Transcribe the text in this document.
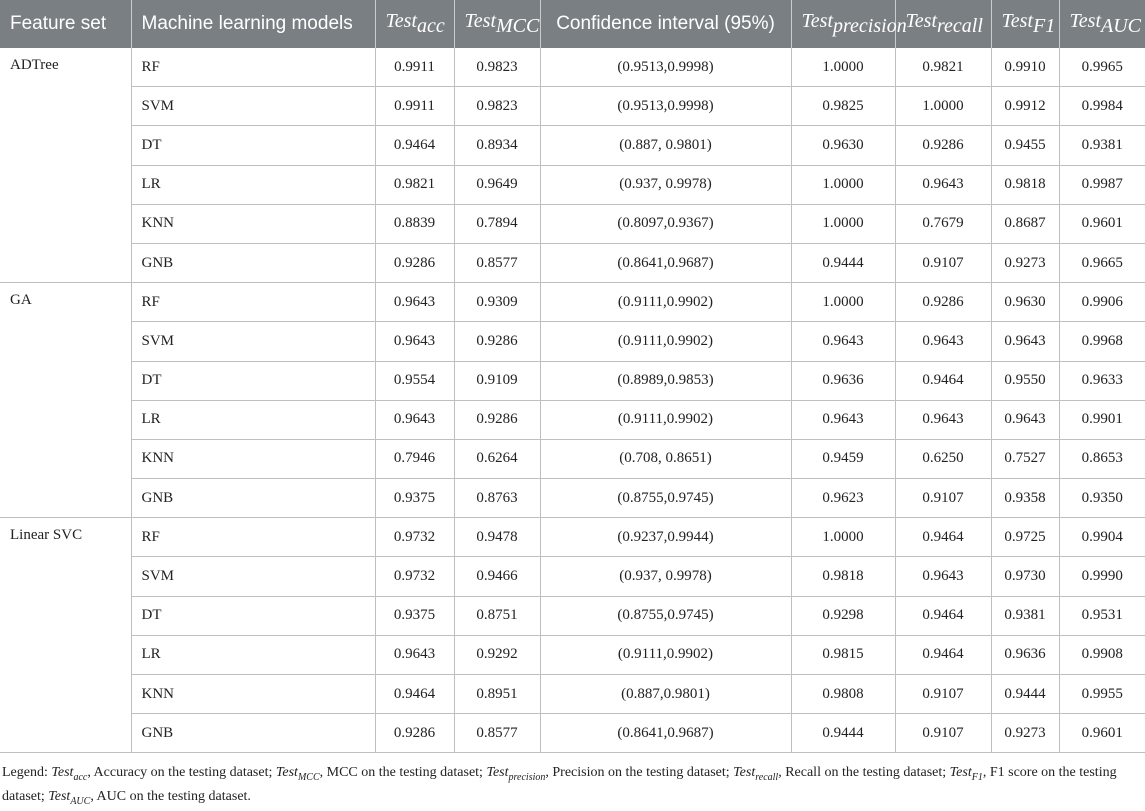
Feature set	Machine learning models	Test$_{acc}$	Test$_{MCC}$	Confidence interval (95%)	Test$_{precision}$	Test$_{recall}$	Test$_{F1}$	Test$_{AUC}$
ADTree	RF	0.9911	0.9823	(0.9513,0.9998)	1.0000	0.9821	0.9910	0.9965
	SVM	0.9911	0.9823	(0.9513,0.9998)	0.9825	1.0000	0.9912	0.9984
	DT	0.9464	0.8934	(0.887, 0.9801)	0.9630	0.9286	0.9455	0.9381
	LR	0.9821	0.9649	(0.937, 0.9978)	1.0000	0.9643	0.9818	0.9987
	KNN	0.8839	0.7894	(0.8097,0.9367)	1.0000	0.7679	0.8687	0.9601
	GNB	0.9286	0.8577	(0.8641,0.9687)	0.9444	0.9107	0.9273	0.9665
GA	RF	0.9643	0.9309	(0.9111,0.9902)	1.0000	0.9286	0.9630	0.9906
	SVM	0.9643	0.9286	(0.9111,0.9902)	0.9643	0.9643	0.9643	0.9968
	DT	0.9554	0.9109	(0.8989,0.9853)	0.9636	0.9464	0.9550	0.9633
	LR	0.9643	0.9286	(0.9111,0.9902)	0.9643	0.9643	0.9643	0.9901
	KNN	0.7946	0.6264	(0.708, 0.8651)	0.9459	0.6250	0.7527	0.8653
	GNB	0.9375	0.8763	(0.8755,0.9745)	0.9623	0.9107	0.9358	0.9350
Linear SVC	RF	0.9732	0.9478	(0.9237,0.9944)	1.0000	0.9464	0.9725	0.9904
	SVM	0.9732	0.9466	(0.937, 0.9978)	0.9818	0.9643	0.9730	0.9990
	DT	0.9375	0.8751	(0.8755,0.9745)	0.9298	0.9464	0.9381	0.9531
	LR	0.9643	0.9292	(0.9111,0.9902)	0.9815	0.9464	0.9636	0.9908
	KNN	0.9464	0.8951	(0.887,0.9801)	0.9808	0.9107	0.9444	0.9955
	GNB	0.9286	0.8577	(0.8641,0.9687)	0.9444	0.9107	0.9273	0.9601
Legend: Test$_{acc}$, Accuracy on the testing dataset; Test$_{MCC}$, MCC on the testing dataset; Test$_{precision}$, Precision on the testing dataset; Test$_{recall}$, Recall on the testing dataset; Test$_{F1}$, F1 score on the testing dataset; Test$_{AUC}$, AUC on the testing dataset.
